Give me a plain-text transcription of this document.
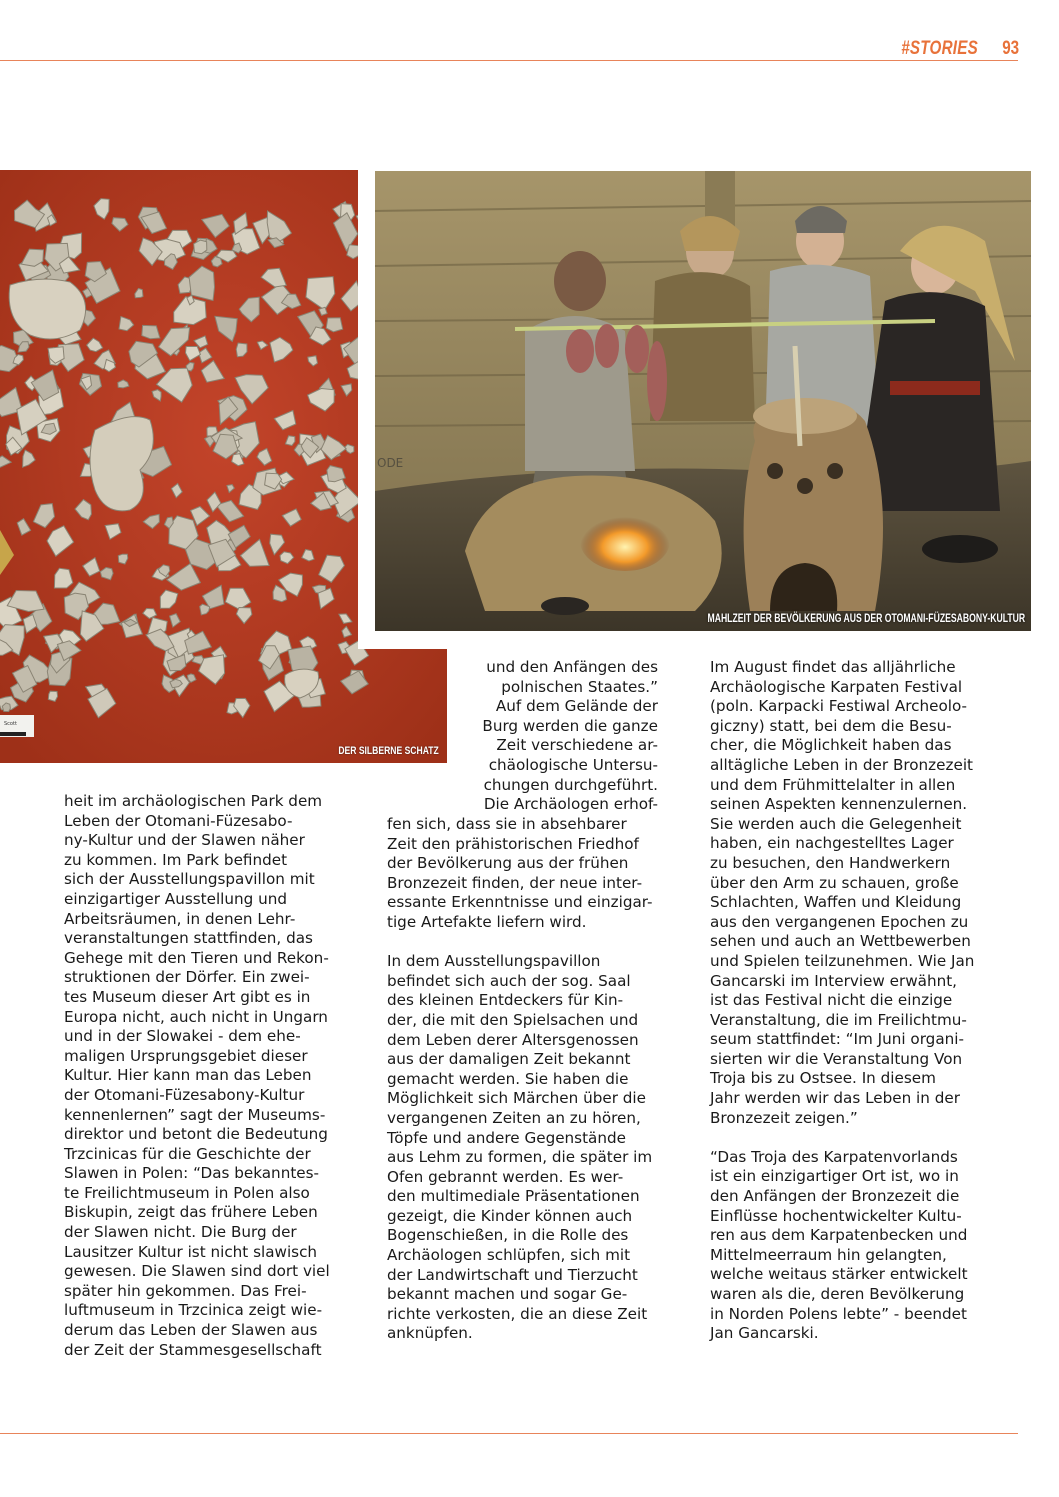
#STORIES 93
Scott
DER SILBERNE SCHATZ
ODE
MAHLZEIT DER BEVÖLKERUNG AUS DER OTOMANI-FÜZESABONY-KULTUR

heit im archäologischen Park dem

Leben der Otomani-Füzesabo-

ny-Kultur und der Slawen näher

zu kommen. Im Park befindet

sich der Ausstellungspavillon mit

einzigartiger Ausstellung und

Arbeitsräumen, in denen Lehr-

veranstaltungen stattfinden, das

Gehege mit den Tieren und Rekon-

struktionen der Dörfer. Ein zwei-

tes Museum dieser Art gibt es in

Europa nicht, auch nicht in Ungarn

und in der Slowakei - dem ehe-

maligen Ursprungsgebiet dieser

Kultur. Hier kann man das Leben

der Otomani-Füzesabony-Kultur

kennenlernen” sagt der Museums-

direktor und betont die Bedeutung

Trzcinicas für die Geschichte der

Slawen in Polen: “Das bekanntes-

te Freilichtmuseum in Polen also

Biskupin, zeigt das frühere Leben

der Slawen nicht. Die Burg der

Lausitzer Kultur ist nicht slawisch

gewesen. Die Slawen sind dort viel

später hin gekommen. Das Frei-

luftmuseum in Trzcinica zeigt wie-

derum das Leben der Slawen aus

der Zeit der Stammesgesellschaft

und den Anfängen des

polnischen Staates.”

Auf dem Gelände der

Burg werden die ganze

Zeit verschiedene ar-

chäologische Untersu-

chungen durchgeführt.

Die Archäologen erhof-

fen sich, dass sie in absehbarer

Zeit den prähistorischen Friedhof

der Bevölkerung aus der frühen

Bronzezeit finden, der neue inter-

essante Erkenntnisse und einzigar-

tige Artefakte liefern wird.

In dem Ausstellungspavillon

befindet sich auch der sog. Saal

des kleinen Entdeckers für Kin-

der, die mit den Spielsachen und

dem Leben derer Altersgenossen

aus der damaligen Zeit bekannt

gemacht werden. Sie haben die

Möglichkeit sich Märchen über die

vergangenen Zeiten an zu hören,

Töpfe und andere Gegenstände

aus Lehm zu formen, die später im

Ofen gebrannt werden. Es wer-

den multimediale Präsentationen

gezeigt, die Kinder können auch

Bogenschießen, in die Rolle des

Archäologen schlüpfen, sich mit

der Landwirtschaft und Tierzucht

bekannt machen und sogar Ge-

richte verkosten, die an diese Zeit

anknüpfen.

Im August findet das alljährliche

Archäologische Karpaten Festival

(poln. Karpacki Festiwal Archeolo-

giczny) statt, bei dem die Besu-

cher, die Möglichkeit haben das

alltägliche Leben in der Bronzezeit

und dem Frühmittelalter in allen

seinen Aspekten kennenzulernen.

Sie werden auch die Gelegenheit

haben, ein nachgestelltes Lager

zu besuchen, den Handwerkern

über den Arm zu schauen, große

Schlachten, Waffen und Kleidung

aus den vergangenen Epochen zu

sehen und auch an Wettbewerben

und Spielen teilzunehmen. Wie Jan

Gancarski im Interview erwähnt,

ist das Festival nicht die einzige

Veranstaltung, die im Freilichtmu-

seum stattfindet: “Im Juni organi-

sierten wir die Veranstaltung Von

Troja bis zu Ostsee. In diesem

Jahr werden wir das Leben in der

Bronzezeit zeigen.”

“Das Troja des Karpatenvorlands

ist ein einzigartiger Ort ist, wo in

den Anfängen der Bronzezeit die

Einflüsse hochentwickelter Kultu-

ren aus dem Karpatenbecken und

Mittelmeerraum hin gelangten,

welche weitaus stärker entwickelt

waren als die, deren Bevölkerung

in Norden Polens lebte” - beendet

Jan Gancarski.
